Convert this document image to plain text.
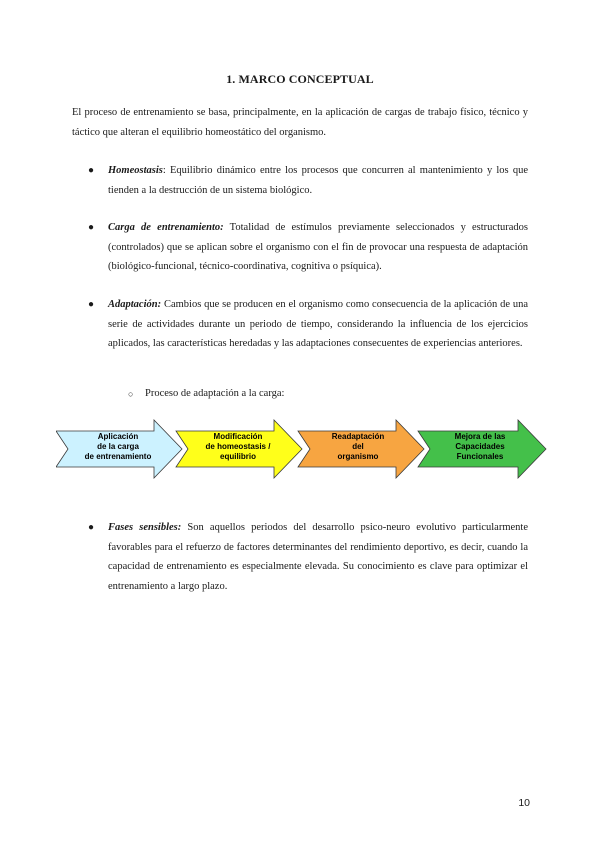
1. MARCO CONCEPTUAL
El proceso de entrenamiento se basa, principalmente, en la aplicación de cargas de trabajo físico, técnico y táctico que alteran el equilibrio homeostático del organismo.
● Homeostasis: Equilibrio dinámico entre los procesos que concurren al mantenimiento y los que tienden a la destrucción de un sistema biológico.
● Carga de entrenamiento: Totalidad de estímulos previamente seleccionados y estructurados (controlados) que se aplican sobre el organismo con el fin de provocar una respuesta de adaptación (biológico-funcional, técnico-coordinativa, cognitiva o psíquica).
● Adaptación: Cambios que se producen en el organismo como consecuencia de la aplicación de una serie de actividades durante un periodo de tiempo, considerando la influencia de los ejercicios aplicados, las características heredadas y las adaptaciones consecuentes de experiencias anteriores.
○ Proceso de adaptación a la carga:
Aplicación
de la carga
de entrenamiento
Modificación
de homeostasis /
equilibrio
Readaptación
del
organismo
Mejora de las
Capacidades
Funcionales
● Fases sensibles: Son aquellos periodos del desarrollo psico-neuro evolutivo particularmente favorables para el refuerzo de factores determinantes del rendimiento deportivo, es decir, cuando la capacidad de entrenamiento es especialmente elevada. Su conocimiento es clave para optimizar el entrenamiento a largo plazo.
10
